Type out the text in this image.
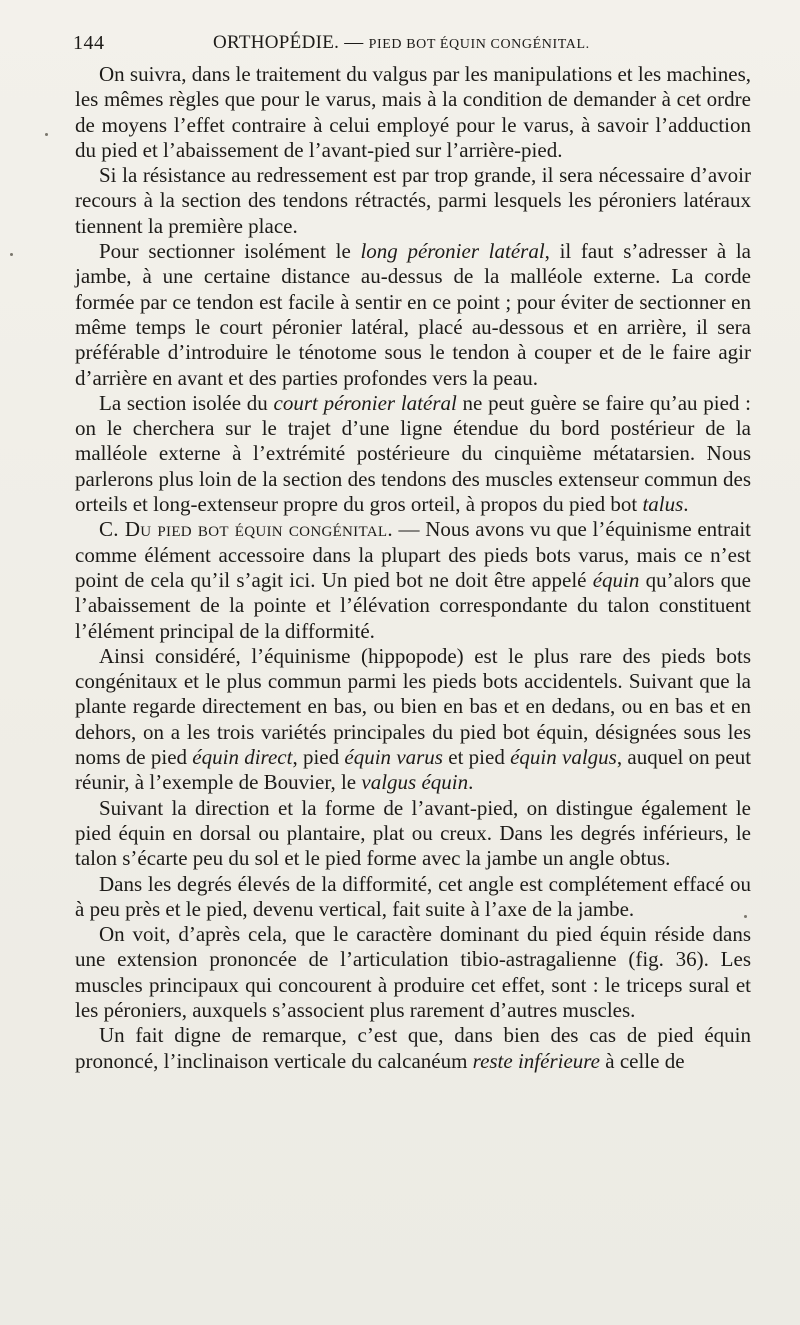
144	ORTHOPÉDIE. — PIED BOT ÉQUIN CONGÉNITAL.

On suivra, dans le traitement du valgus par les manipulations et les machines, les mêmes règles que pour le varus, mais à la condition de demander à cet ordre de moyens l’effet contraire à celui employé pour le varus, à savoir l’adduction du pied et l’abaissement de l’avant-pied sur l’arrière-pied.

Si la résistance au redressement est par trop grande, il sera nécessaire d’avoir recours à la section des tendons rétractés, parmi lesquels les péroniers latéraux tiennent la première place.

Pour sectionner isolément le long péronier latéral, il faut s’adresser à la jambe, à une certaine distance au-dessus de la malléole externe. La corde formée par ce tendon est facile à sentir en ce point ; pour éviter de sectionner en même temps le court péronier latéral, placé au-dessous et en arrière, il sera préférable d’introduire le ténotome sous le tendon à couper et de le faire agir d’arrière en avant et des parties profondes vers la peau.

La section isolée du court péronier latéral ne peut guère se faire qu’au pied : on le cherchera sur le trajet d’une ligne étendue du bord postérieur de la malléole externe à l’extrémité postérieure du cinquième métatarsien. Nous parlerons plus loin de la section des tendons des muscles extenseur commun des orteils et long-extenseur propre du gros orteil, à propos du pied bot talus.

C. Du pied bot équin congénital. — Nous avons vu que l’équinisme entrait comme élément accessoire dans la plupart des pieds bots varus, mais ce n’est point de cela qu’il s’agit ici. Un pied bot ne doit être appelé équin qu’alors que l’abaissement de la pointe et l’élévation correspondante du talon constituent l’élément principal de la difformité.

Ainsi considéré, l’équinisme (hippopode) est le plus rare des pieds bots congénitaux et le plus commun parmi les pieds bots accidentels. Suivant que la plante regarde directement en bas, ou bien en bas et en dedans, ou en bas et en dehors, on a les trois variétés principales du pied bot équin, désignées sous les noms de pied équin direct, pied équin varus et pied équin valgus, auquel on peut réunir, à l’exemple de Bouvier, le valgus équin.

Suivant la direction et la forme de l’avant-pied, on distingue également le pied équin en dorsal ou plantaire, plat ou creux. Dans les degrés inférieurs, le talon s’écarte peu du sol et le pied forme avec la jambe un angle obtus.

Dans les degrés élevés de la difformité, cet angle est complétement effacé ou à peu près et le pied, devenu vertical, fait suite à l’axe de la jambe.

On voit, d’après cela, que le caractère dominant du pied équin réside dans une extension prononcée de l’articulation tibio-astragalienne (fig. 36). Les muscles principaux qui concourent à produire cet effet, sont : le triceps sural et les péroniers, auxquels s’associent plus rarement d’autres muscles.

Un fait digne de remarque, c’est que, dans bien des cas de pied équin prononcé, l’inclinaison verticale du calcanéum reste inférieure à celle de
